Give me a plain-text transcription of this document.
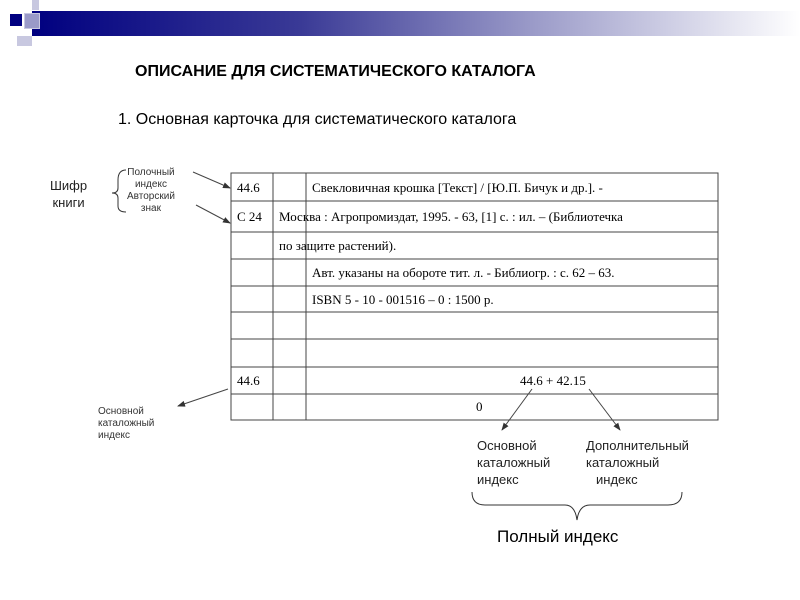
ОПИСАНИЕ ДЛЯ СИСТЕМАТИЧЕСКОГО КАТАЛОГА
1. Основная карточка для систематического каталога
Шифр
книги
Полочный
индекс
Авторский
знак
Основной
каталожный
индекс
44.6	Свекловичная крошка [Текст] / [Ю.П. Бичук и др.]. -
С 24 Москва : Агропромиздат, 1995. - 63, [1] с. : ил. – (Библиотечка
по защите растений).
Авт. указаны на обороте тит. л. - Библиогр. : с. 62 – 63.
ISBN 5 - 10 - 001516 – 0 : 1500 р.
44.6	44.6 + 42.15
0
Основной
каталожный
индекс
Дополнительный
каталожный
индекс
Полный индекс
